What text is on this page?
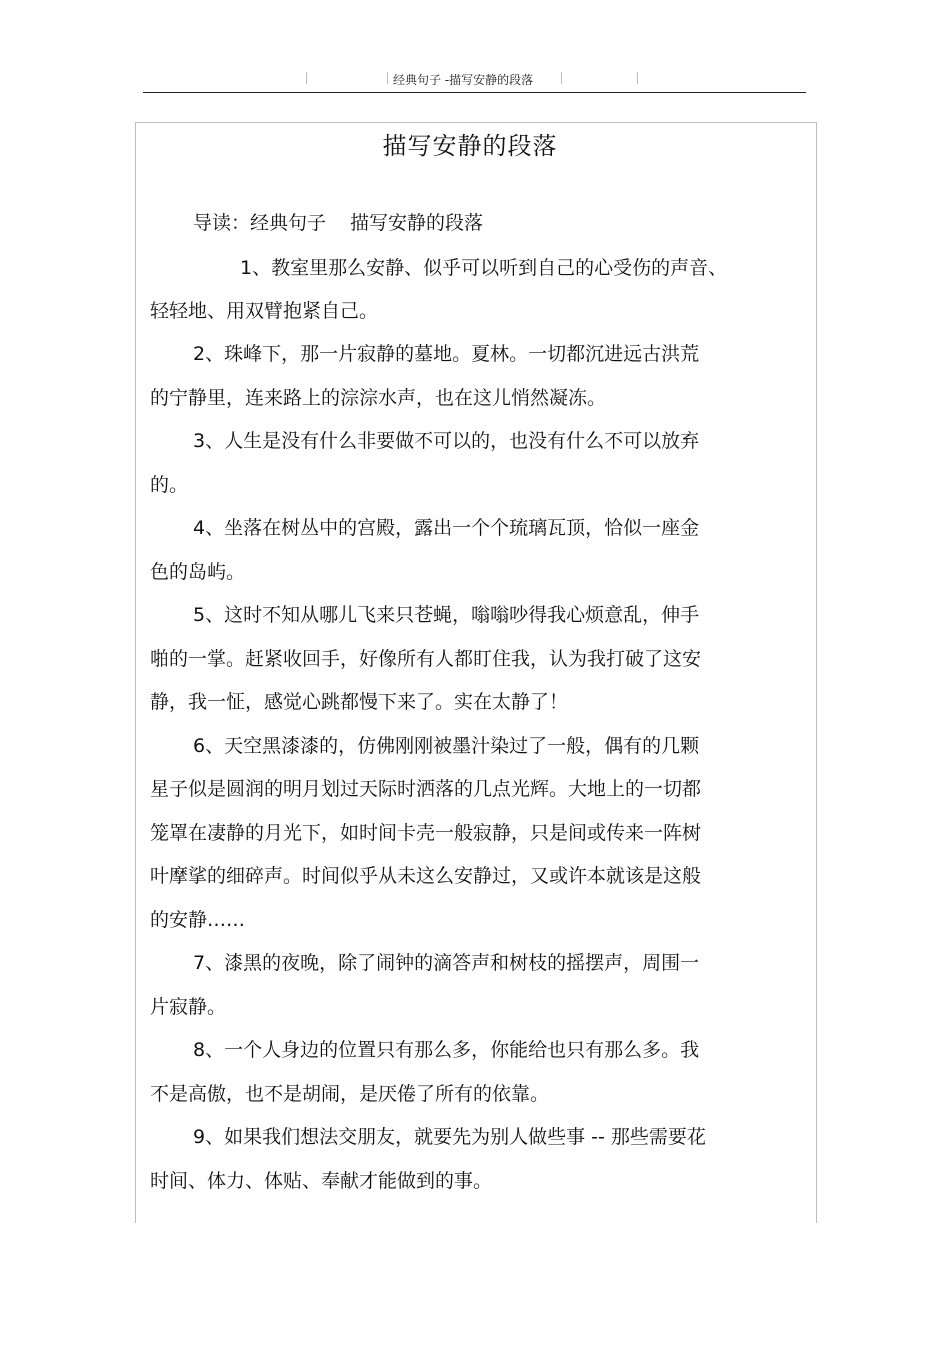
经典句子 -描写安静的段落
描写安静的段落
导读：经典句子 描写安静的段落
1、教室里那么安静、似乎可以听到自己的心受伤的声音、
轻轻地、用双臂抱紧自己。
2、珠峰下，那一片寂静的墓地。夏林。一切都沉进远古洪荒
的宁静里，连来路上的淙淙水声，也在这儿悄然凝冻。
3、人生是没有什么非要做不可以的，也没有什么不可以放弃
的。
4、坐落在树丛中的宫殿，露出一个个琉璃瓦顶，恰似一座金
色的岛屿。
5、这时不知从哪儿飞来只苍蝇，嗡嗡吵得我心烦意乱，伸手
啪的一掌。赶紧收回手，好像所有人都盯住我，认为我打破了这安
静，我一怔，感觉心跳都慢下来了。实在太静了！
6、天空黑漆漆的，仿佛刚刚被墨汁染过了一般，偶有的几颗
星子似是圆润的明月划过天际时洒落的几点光辉。大地上的一切都
笼罩在凄静的月光下，如时间卡壳一般寂静，只是间或传来一阵树
叶摩挲的细碎声。时间似乎从未这么安静过，又或许本就该是这般
的安静……
7、漆黑的夜晚，除了闹钟的滴答声和树枝的摇摆声，周围一
片寂静。
8、一个人身边的位置只有那么多，你能给也只有那么多。我
不是高傲，也不是胡闹，是厌倦了所有的依靠。
9、如果我们想法交朋友，就要先为别人做些事 -- 那些需要花
时间、体力、体贴、奉献才能做到的事。
